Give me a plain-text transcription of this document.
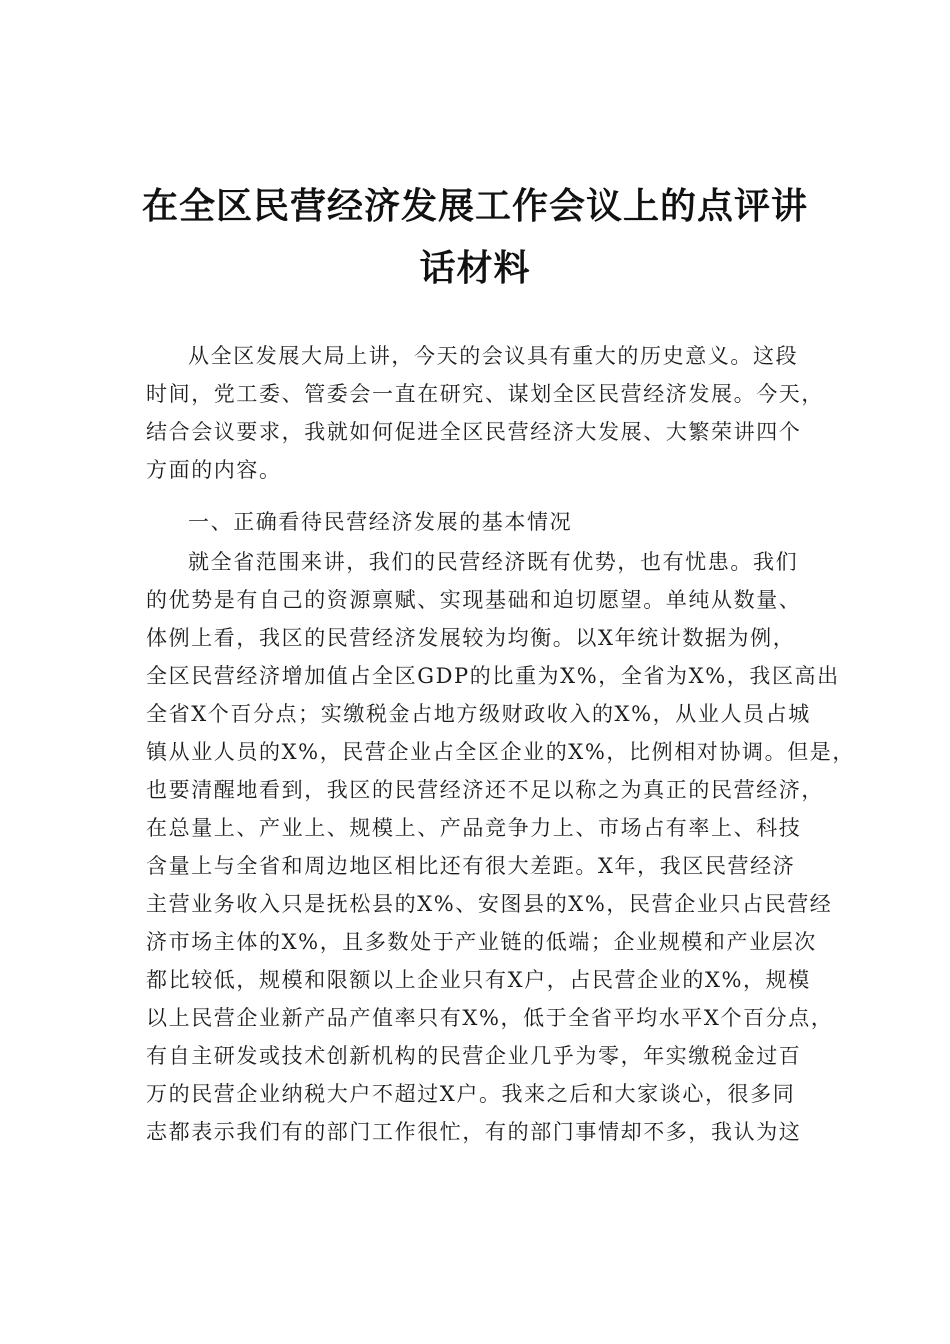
在全区民营经济发展工作会议上的点评讲
话材料
从全区发展大局上讲，今天的会议具有重大的历史意义。这段
时间，党工委、管委会一直在研究、谋划全区民营经济发展。今天，
结合会议要求，我就如何促进全区民营经济大发展、大繁荣讲四个
方面的内容。
一、正确看待民营经济发展的基本情况
就全省范围来讲，我们的民营经济既有优势，也有忧患。我们
的优势是有自己的资源禀赋、实现基础和迫切愿望。单纯从数量、
体例上看，我区的民营经济发展较为均衡。以X年统计数据为例，
全区民营经济增加值占全区GDP的比重为X%，全省为X%，我区高出
全省X个百分点；实缴税金占地方级财政收入的X%，从业人员占城
镇从业人员的X%，民营企业占全区企业的X%，比例相对协调。但是，
也要清醒地看到，我区的民营经济还不足以称之为真正的民营经济，
在总量上、产业上、规模上、产品竞争力上、市场占有率上、科技
含量上与全省和周边地区相比还有很大差距。X年，我区民营经济
主营业务收入只是抚松县的X%、安图县的X%，民营企业只占民营经
济市场主体的X%，且多数处于产业链的低端；企业规模和产业层次
都比较低，规模和限额以上企业只有X户，占民营企业的X%，规模
以上民营企业新产品产值率只有X%，低于全省平均水平X个百分点，
有自主研发或技术创新机构的民营企业几乎为零，年实缴税金过百
万的民营企业纳税大户不超过X户。我来之后和大家谈心，很多同
志都表示我们有的部门工作很忙，有的部门事情却不多，我认为这
